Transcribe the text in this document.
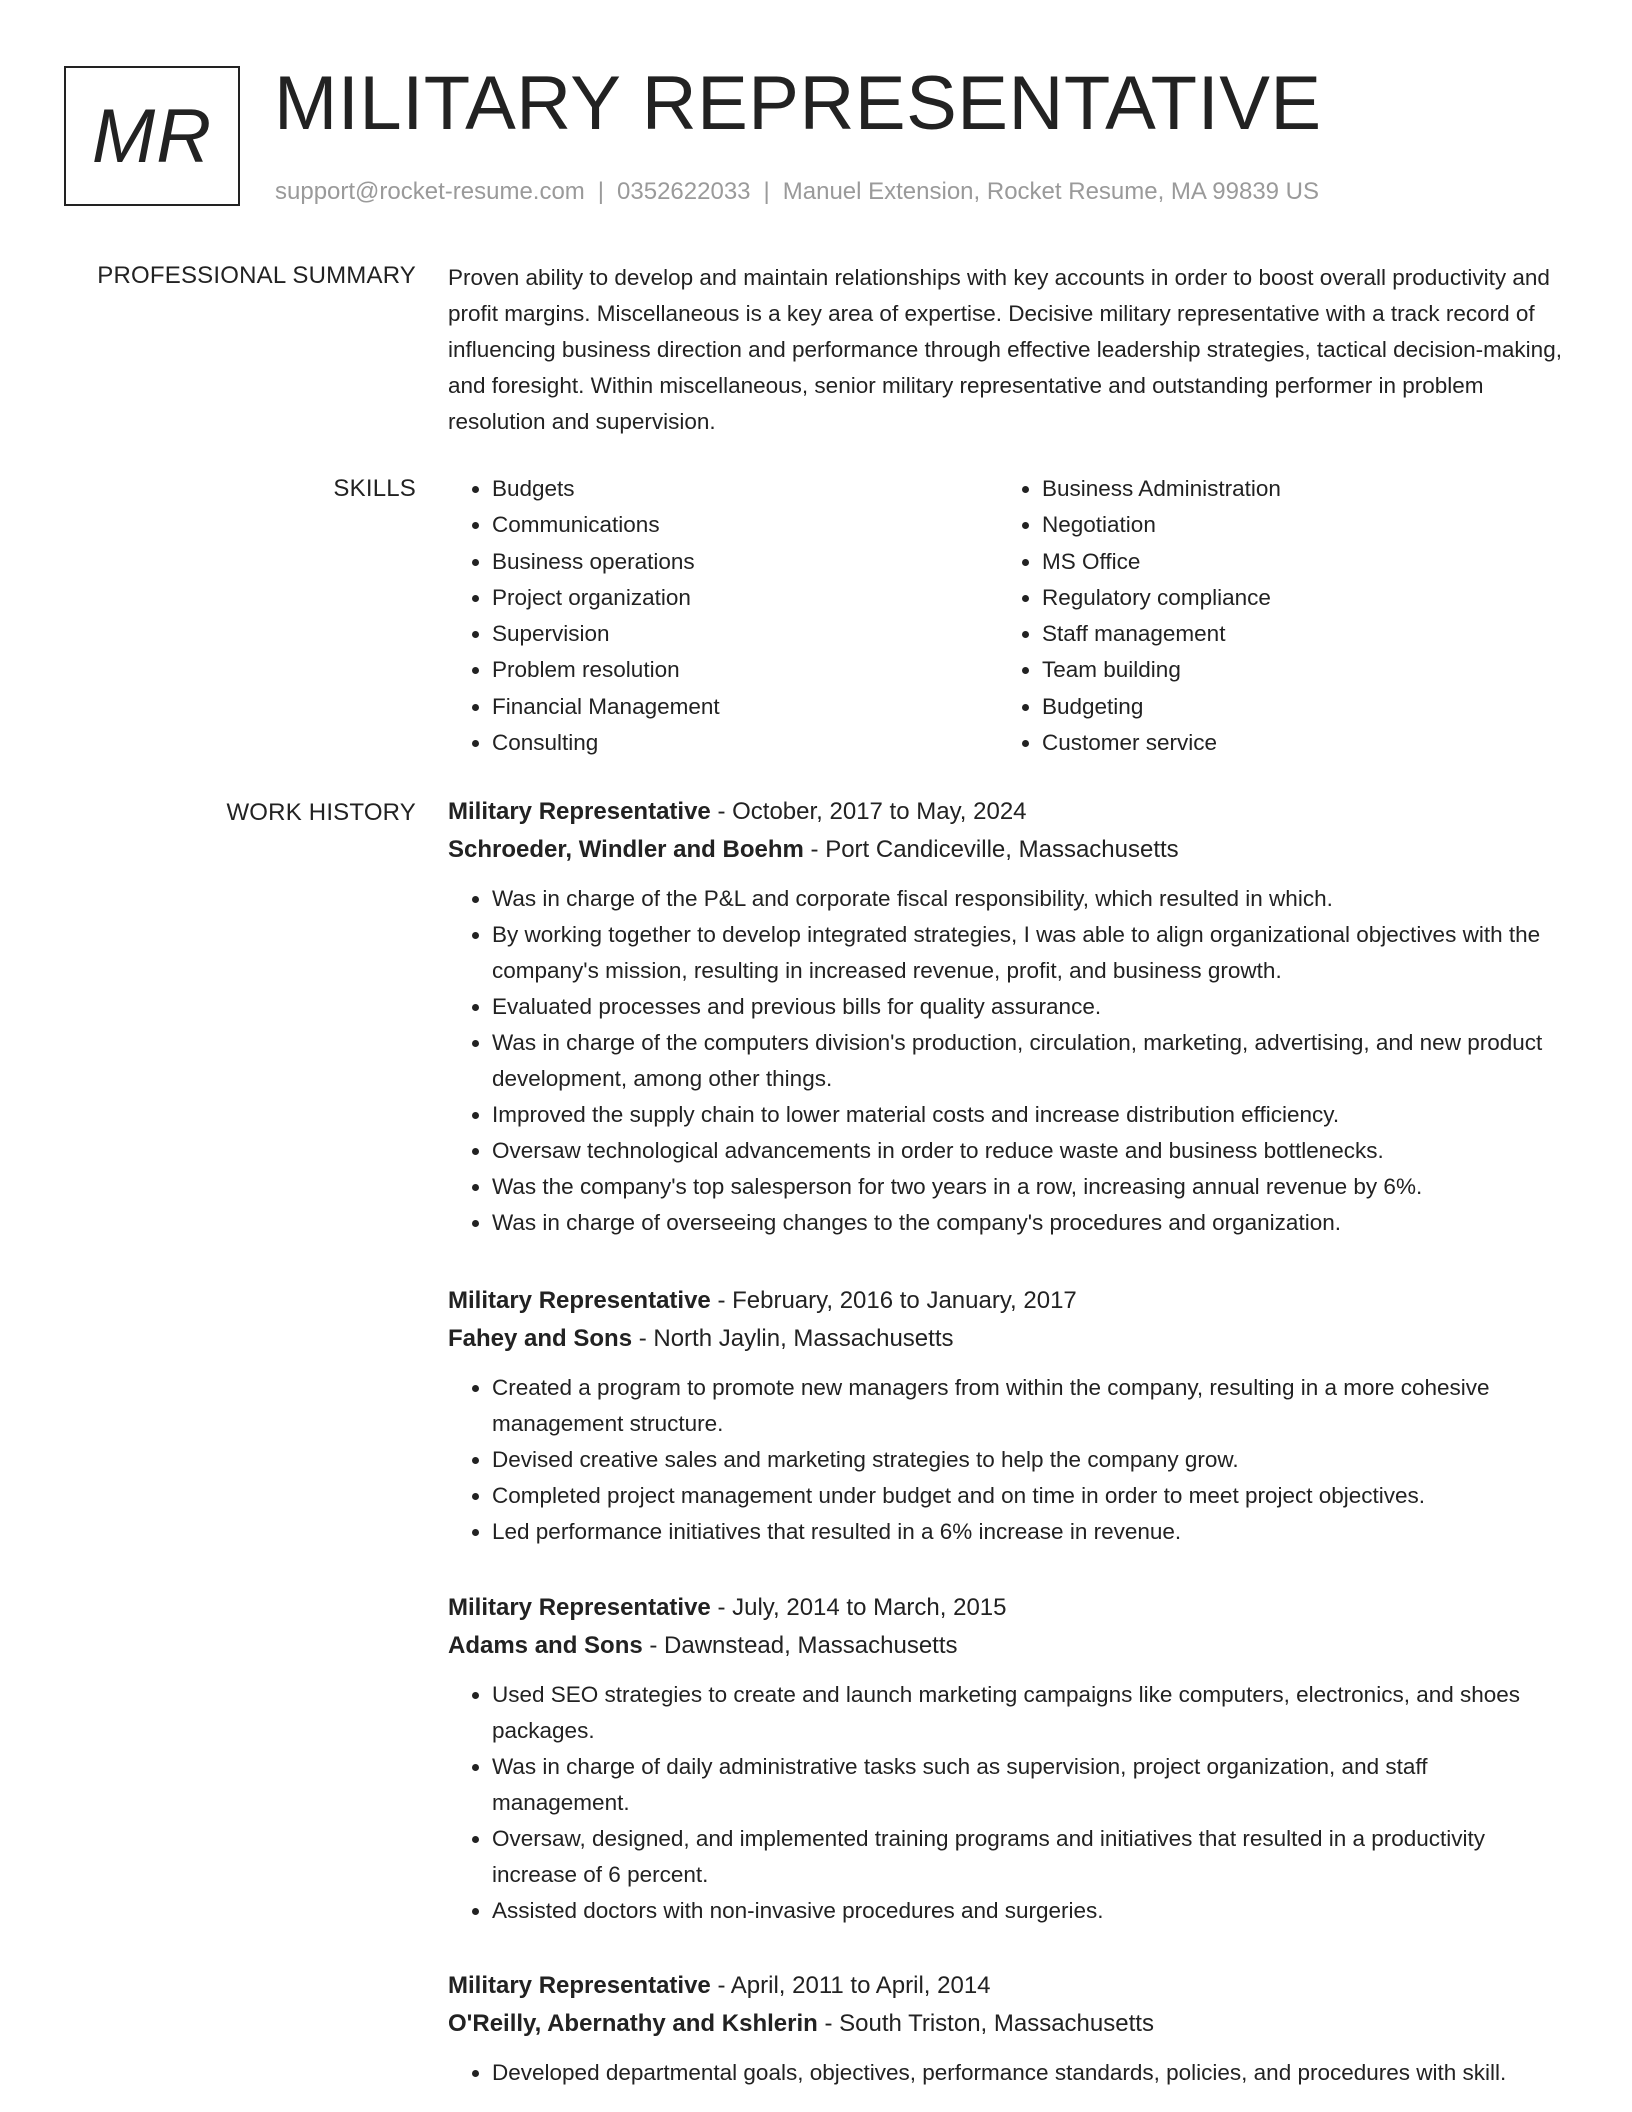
MR MILITARY REPRESENTATIVE
support@rocket-resume.com | 0352622033 | Manuel Extension, Rocket Resume, MA 99839 US
PROFESSIONAL SUMMARY Proven ability to develop and maintain relationships with key accounts in order to boost overall productivity and profit margins. Miscellaneous is a key area of expertise. Decisive military representative with a track record of influencing business direction and performance through effective leadership strategies, tactical decision-making, and foresight. Within miscellaneous, senior military representative and outstanding performer in problem resolution and supervision.

SKILLS
•	Budgets
• Communications
• Business operations
• Project organization
• Supervision
• Problem resolution
• Financial Management
• Consulting
• Business Administration
• Negotiation
• MS Office
• Regulatory compliance
• Staff management
• Team building
• Budgeting
• Customer service
WORK HISTORY Military Representative - October, 2017 to May, 2024
Schroeder, Windler and Boehm - Port Candiceville, Massachusetts
• Was in charge of the P&L and corporate fiscal responsibility, which resulted in which.
• By working together to develop integrated strategies, I was able to align organizational objectives with the company's mission, resulting in increased revenue, profit, and business growth.
• Evaluated processes and previous bills for quality assurance.
• Was in charge of the computers division's production, circulation, marketing, advertising, and new product development, among other things.
• Improved the supply chain to lower material costs and increase distribution efficiency.
• Oversaw technological advancements in order to reduce waste and business bottlenecks.
• Was the company's top salesperson for two years in a row, increasing annual revenue by 6%.
• Was in charge of overseeing changes to the company's procedures and organization.
Military Representative - February, 2016 to January, 2017
Fahey and Sons - North Jaylin, Massachusetts
• Created a program to promote new managers from within the company, resulting in a more cohesive management structure.
• Devised creative sales and marketing strategies to help the company grow.
• Completed project management under budget and on time in order to meet project objectives.
• Led performance initiatives that resulted in a 6% increase in revenue.
Military Representative - July, 2014 to March, 2015
Adams and Sons - Dawnstead, Massachusetts
• Used SEO strategies to create and launch marketing campaigns like computers, electronics, and shoes packages.
• Was in charge of daily administrative tasks such as supervision, project organization, and staff management.
• Oversaw, designed, and implemented training programs and initiatives that resulted in a productivity increase of 6 percent.
• Assisted doctors with non-invasive procedures and surgeries.
Military Representative - April, 2011 to April, 2014
O'Reilly, Abernathy and Kshlerin - South Triston, Massachusetts
• Developed departmental goals, objectives, performance standards, policies, and procedures with skill.
